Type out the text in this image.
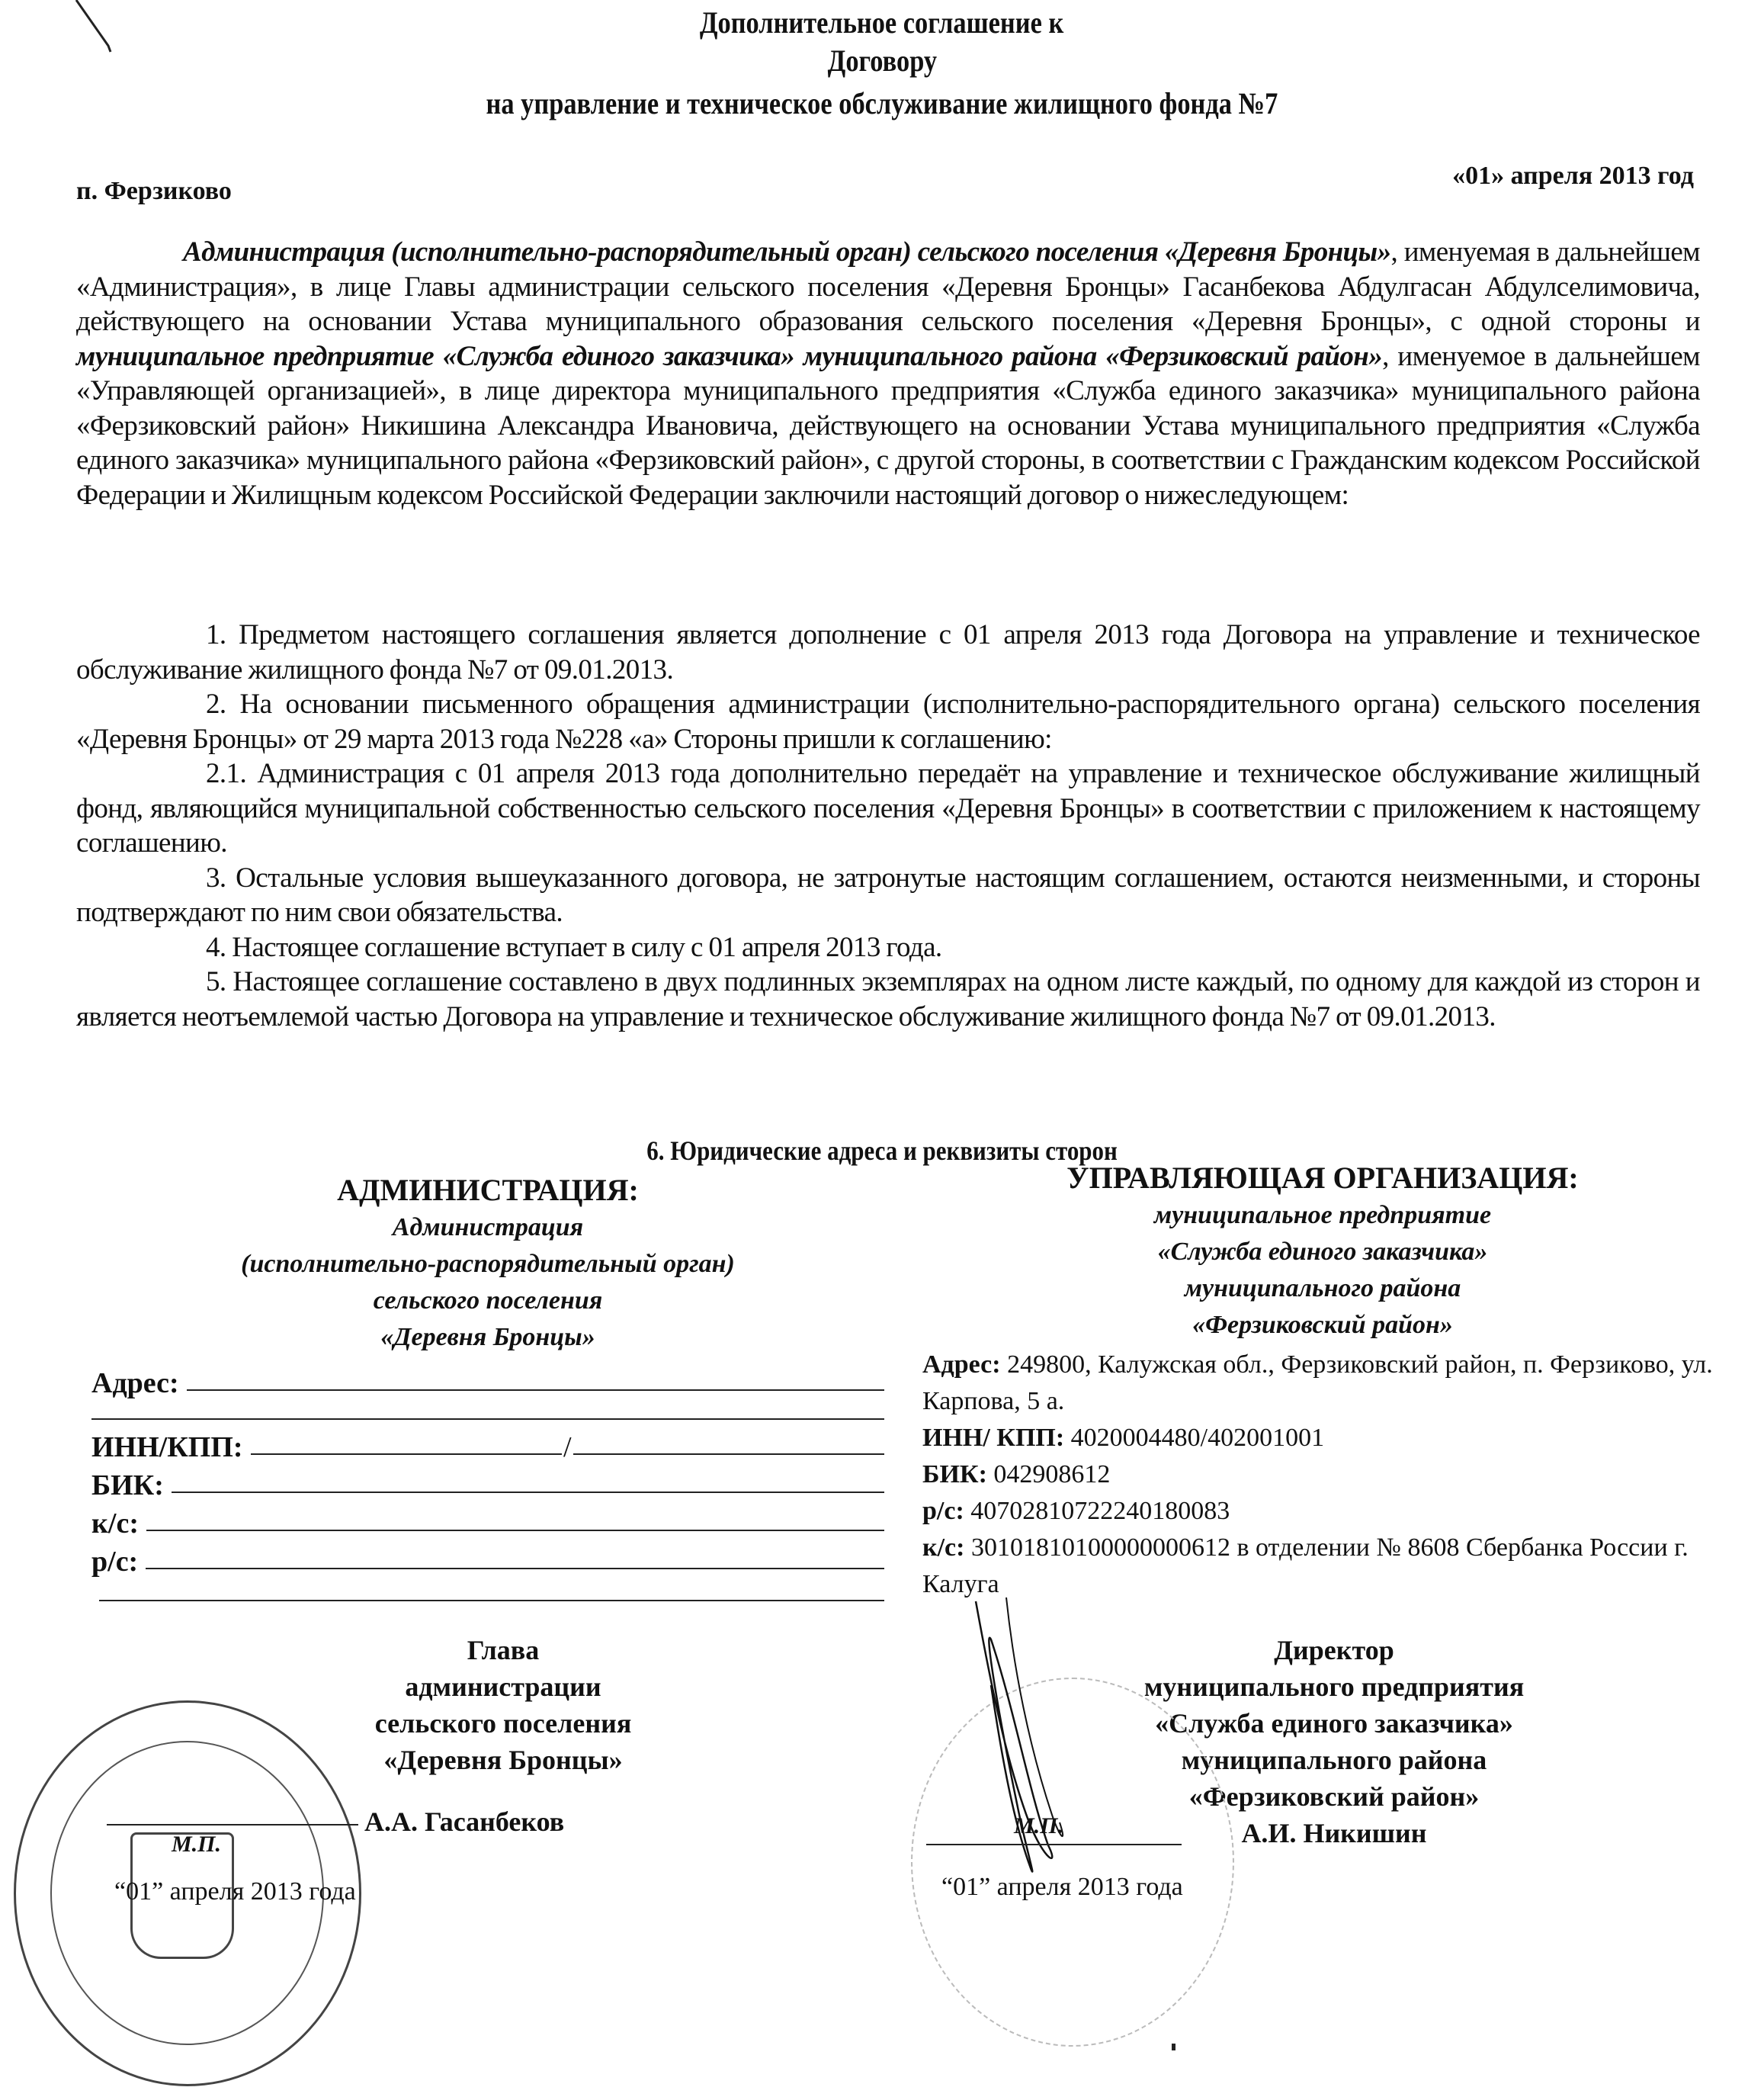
Дополнительное соглашение к
Договору
на управление и техническое обслуживание жилищного фонда №7
п. Ферзиково
«01» апреля 2013 год

Администрация (исполнительно-распорядительный орган) сельского поселения «Деревня Бронцы», именуемая в дальнейшем «Администрация», в лице Главы администрации сельского поселения «Деревня Бронцы» Гасанбекова Абдулгасан Абдулселимовича, действующего на основании Устава муниципального образования сельского поселения «Деревня Бронцы», с одной стороны и муниципальное предприятие «Служба единого заказчика» муниципального района «Ферзиковский район», именуемое в дальнейшем «Управляющей организацией», в лице директора муниципального предприятия «Служба единого заказчика» муниципального района «Ферзиковский район» Никишина Александра Ивановича, действующего на основании Устава муниципального предприятия «Служба единого заказчика» муниципального района «Ферзиковский район», с другой стороны, в соответствии с Гражданским кодексом Российской Федерации и Жилищным кодексом Российской Федерации заключили настоящий договор о нижеследующем:

1. Предметом настоящего соглашения является дополнение с 01 апреля 2013 года Договора на управление и техническое обслуживание жилищного фонда №7 от 09.01.2013.

2. На основании письменного обращения администрации (исполнительно-распорядительного органа) сельского поселения «Деревня Бронцы» от 29 марта 2013 года №228 «а» Стороны пришли к соглашению:

2.1. Администрация с 01 апреля 2013 года дополнительно передаёт на управление и техническое обслуживание жилищный фонд, являющийся муниципальной собственностью сельского поселения «Деревня Бронцы» в соответствии с приложением к настоящему соглашению.

3. Остальные условия вышеуказанного договора, не затронутые настоящим соглашением, остаются неизменными, и стороны подтверждают по ним свои обязательства.

4. Настоящее соглашение вступает в силу с 01 апреля 2013 года.

5. Настоящее соглашение составлено в двух подлинных экземплярах на одном листе каждый, по одному для каждой из сторон и является неотъемлемой частью Договора на управление и техническое обслуживание жилищного фонда №7 от 09.01.2013.

6. Юридические адреса и реквизиты сторон
АДМИНИСТРАЦИЯ:
Администрация
(исполнительно-распорядительный орган)
сельского поселения
«Деревня Бронцы»
Адрес:
ИНН/КПП:	/
БИК:
к/с:
р/с:
Глава
администрации
сельского поселения
«Деревня Бронцы»
А.А. Гасанбеков
М.П.
“01” апреля 2013 года
УПРАВЛЯЮЩАЯ ОРГАНИЗАЦИЯ:
муниципальное предприятие
«Служба единого заказчика»
муниципального района
«Ферзиковский район»
Адрес: 249800, Калужская обл., Ферзиковский район, п. Ферзиково, ул. Карпова, 5 а.
ИНН/ КПП: 4020004480/402001001
БИК: 042908612
р/с: 40702810722240180083
к/с: 30101810100000000612 в отделении № 8608 Сбербанка России г. Калуга
Директор
муниципального предприятия
«Служба единого заказчика»
муниципального района
«Ферзиковский район»
А.И. Никишин
М.П.
“01” апреля 2013 года
